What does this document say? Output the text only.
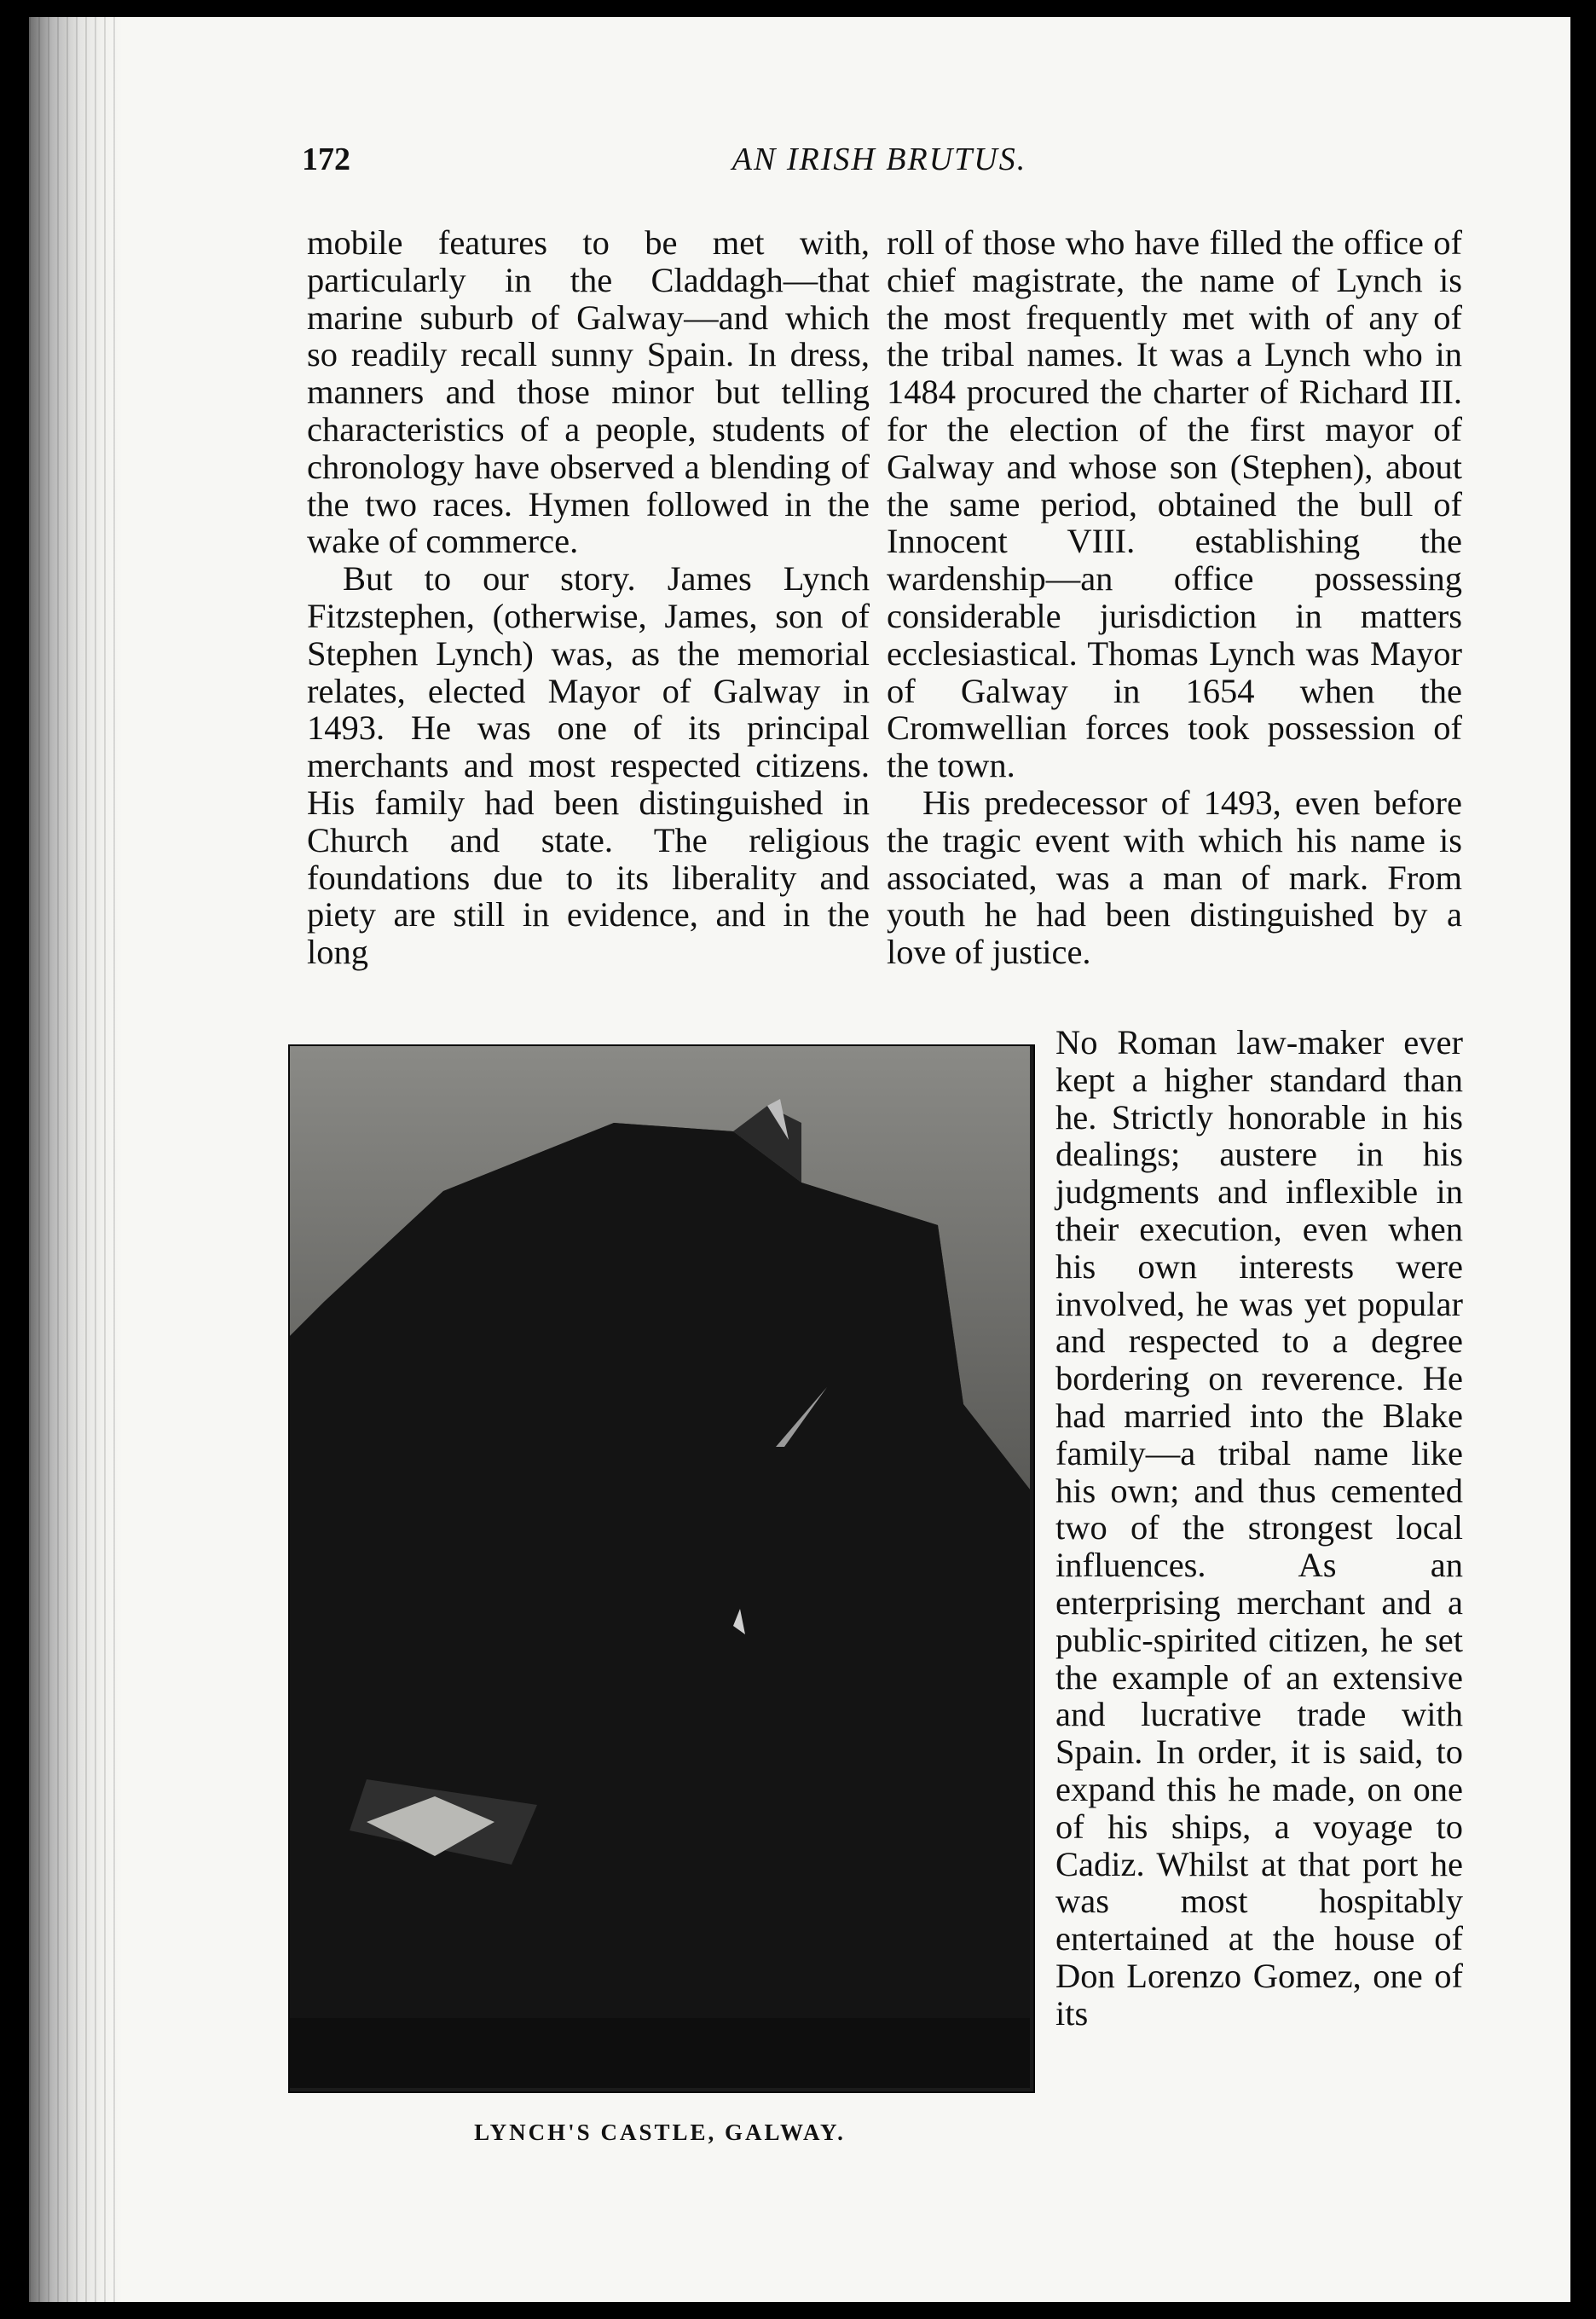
172	AN IRISH BRUTUS.

mobile features to be met with, particularly in the Claddagh—that marine suburb of Galway—and which so readily recall sunny Spain. In dress, manners and those minor but telling characteristics of a people, students of chronology have observed a blending of the two races. Hymen followed in the wake of commerce.

But to our story. James Lynch Fitzstephen, (otherwise, James, son of Stephen Lynch) was, as the memorial relates, elected Mayor of Galway in 1493. He was one of its principal merchants and most respected citizens. His family had been distinguished in Church and state. The religious foundations due to its liberality and piety are still in evidence, and in the long

roll of those who have filled the office of chief magistrate, the name of Lynch is the most frequently met with of any of the tribal names. It was a Lynch who in 1484 procured the charter of Richard III. for the election of the first mayor of Galway and whose son (Stephen), about the same period, obtained the bull of Innocent VIII. establishing the wardenship—an office possessing considerable jurisdiction in matters ecclesiastical. Thomas Lynch was Mayor of Galway in 1654 when the Cromwellian forces took possession of the town.

His predecessor of 1493, even before the tragic event with which his name is associated, was a man of mark. From youth he had been distinguished by a love of justice.

No Roman law-maker ever kept a higher standard than he. Strictly honorable in his dealings; austere in his judgments and inflexible in their execution, even when his own interests were involved, he was yet popular and respected to a degree bordering on reverence. He had married into the Blake family—a tribal name like his own; and thus cemented two of the strongest local influences. As an enterprising merchant and a public-spirited citizen, he set the example of an extensive and lucrative trade with Spain. In order, it is said, to expand this he made, on one of his ships, a voyage to Cadiz. Whilst at that port he was most hospitably entertained at the house of Don Lorenzo Gomez, one of its

LYNCH'S CASTLE, GALWAY.
